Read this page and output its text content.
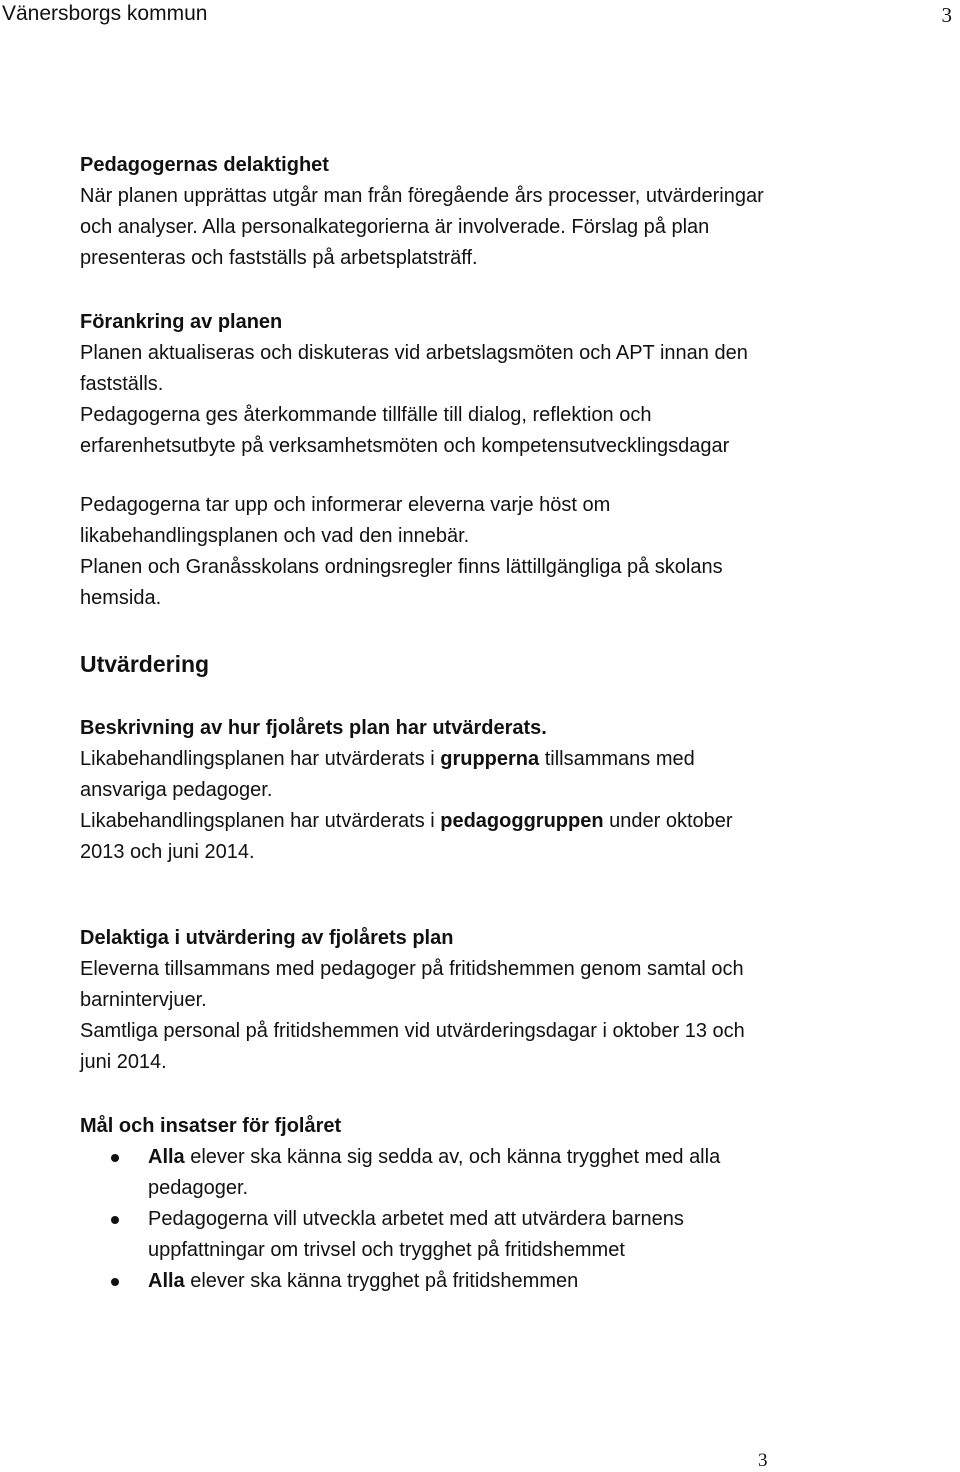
Vänersborgs kommun	3

Pedagogernas delaktighet

När planen upprättas utgår man från föregående års processer, utvärderingar och analyser. Alla personalkategorierna är involverade. Förslag på plan presenteras och fastställs på arbetsplatsträff.

Förankring av planen

Planen aktualiseras och diskuteras vid arbetslagsmöten och APT innan den fastställs.

Pedagogerna ges återkommande tillfälle till dialog, reflektion och erfarenhetsutbyte på verksamhetsmöten och kompetensutvecklingsdagar

Pedagogerna tar upp och informerar eleverna varje höst om likabehandlingsplanen och vad den innebär.

Planen och Granåsskolans ordningsregler finns lättillgängliga på skolans hemsida.

Utvärdering

Beskrivning av hur fjolårets plan har utvärderats.

Likabehandlingsplanen har utvärderats i grupperna tillsammans med ansvariga pedagoger.

Likabehandlingsplanen har utvärderats i pedagoggruppen under oktober 2013 och juni 2014.

Delaktiga i utvärdering av fjolårets plan

Eleverna tillsammans med pedagoger på fritidshemmen genom samtal och barnintervjuer.

Samtliga personal på fritidshemmen vid utvärderingsdagar i oktober 13 och juni 2014.

Mål och insatser för fjolåret

Alla elever ska känna sig sedda av, och känna trygghet med alla pedagoger.
Pedagogerna vill utveckla arbetet med att utvärdera barnens uppfattningar om trivsel och trygghet på fritidshemmet
Alla elever ska känna trygghet på fritidshemmen
3
